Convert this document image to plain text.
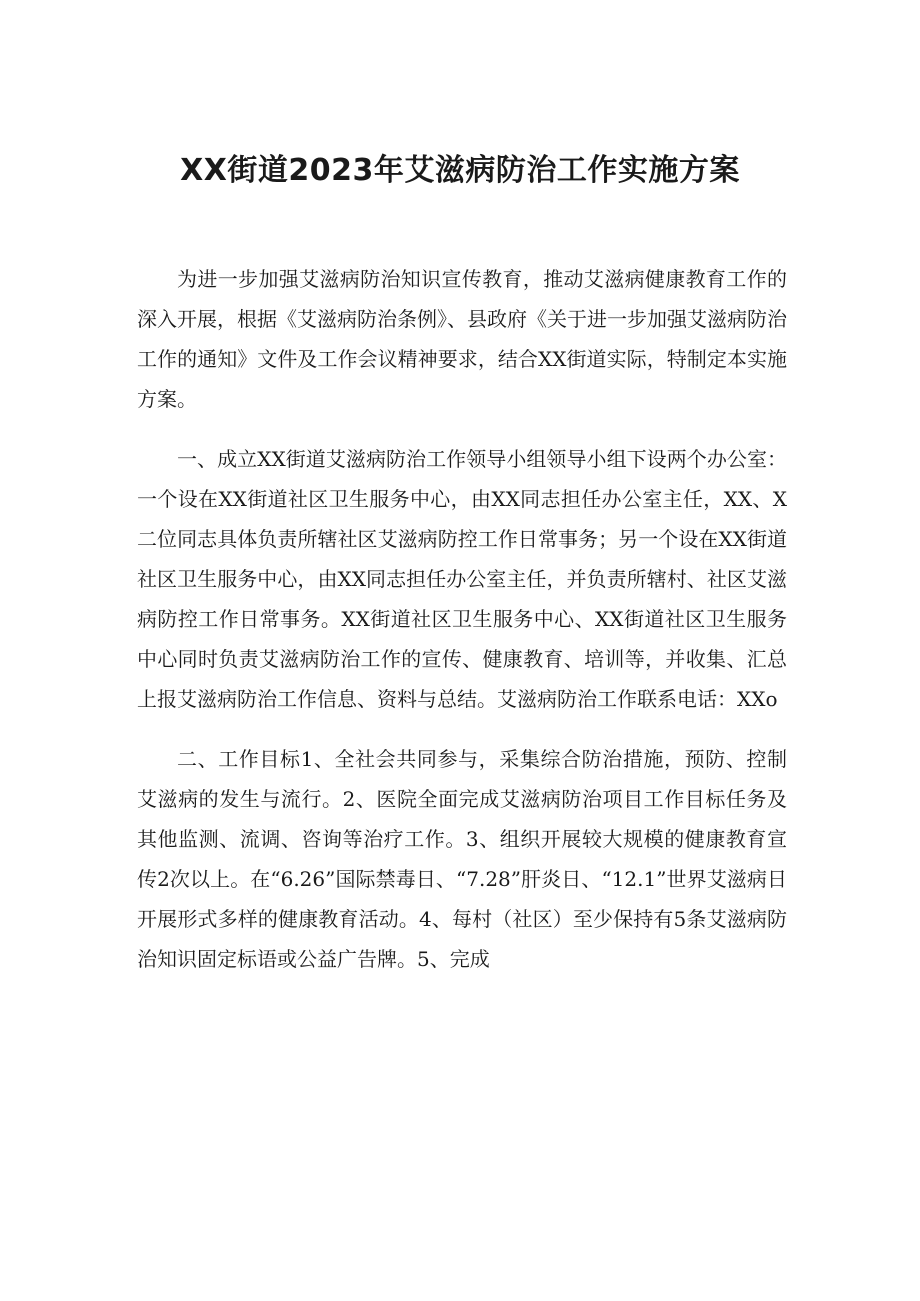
XX街道2023年艾滋病防治工作实施方案

为进一步加强艾滋病防治知识宣传教育，推动艾滋病健康教育工作的深入开展，根据《艾滋病防治条例》、县政府《关于进一步加强艾滋病防治工作的通知》文件及工作会议精神要求，结合XX街道实际，特制定本实施方案。

一、成立XX街道艾滋病防治工作领导小组领导小组下设两个办公室：一个设在XX街道社区卫生服务中心，由XX同志担任办公室主任，XX、X二位同志具体负责所辖社区艾滋病防控工作日常事务；另一个设在XX街道社区卫生服务中心，由XX同志担任办公室主任，并负责所辖村、社区艾滋病防控工作日常事务。XX街道社区卫生服务中心、XX街道社区卫生服务中心同时负责艾滋病防治工作的宣传、健康教育、培训等，并收集、汇总上报艾滋病防治工作信息、资料与总结。艾滋病防治工作联系电话：XXo

二、工作目标1、全社会共同参与，采集综合防治措施，预防、控制艾滋病的发生与流行。2、医院全面完成艾滋病防治项目工作目标任务及其他监测、流调、咨询等治疗工作。3、组织开展较大规模的健康教育宣传2次以上。在“6.26”国际禁毒日、“7.28”肝炎日、“12.1”世界艾滋病日开展形式多样的健康教育活动。4、每村（社区）至少保持有5条艾滋病防治知识固定标语或公益广告牌。5、完成
